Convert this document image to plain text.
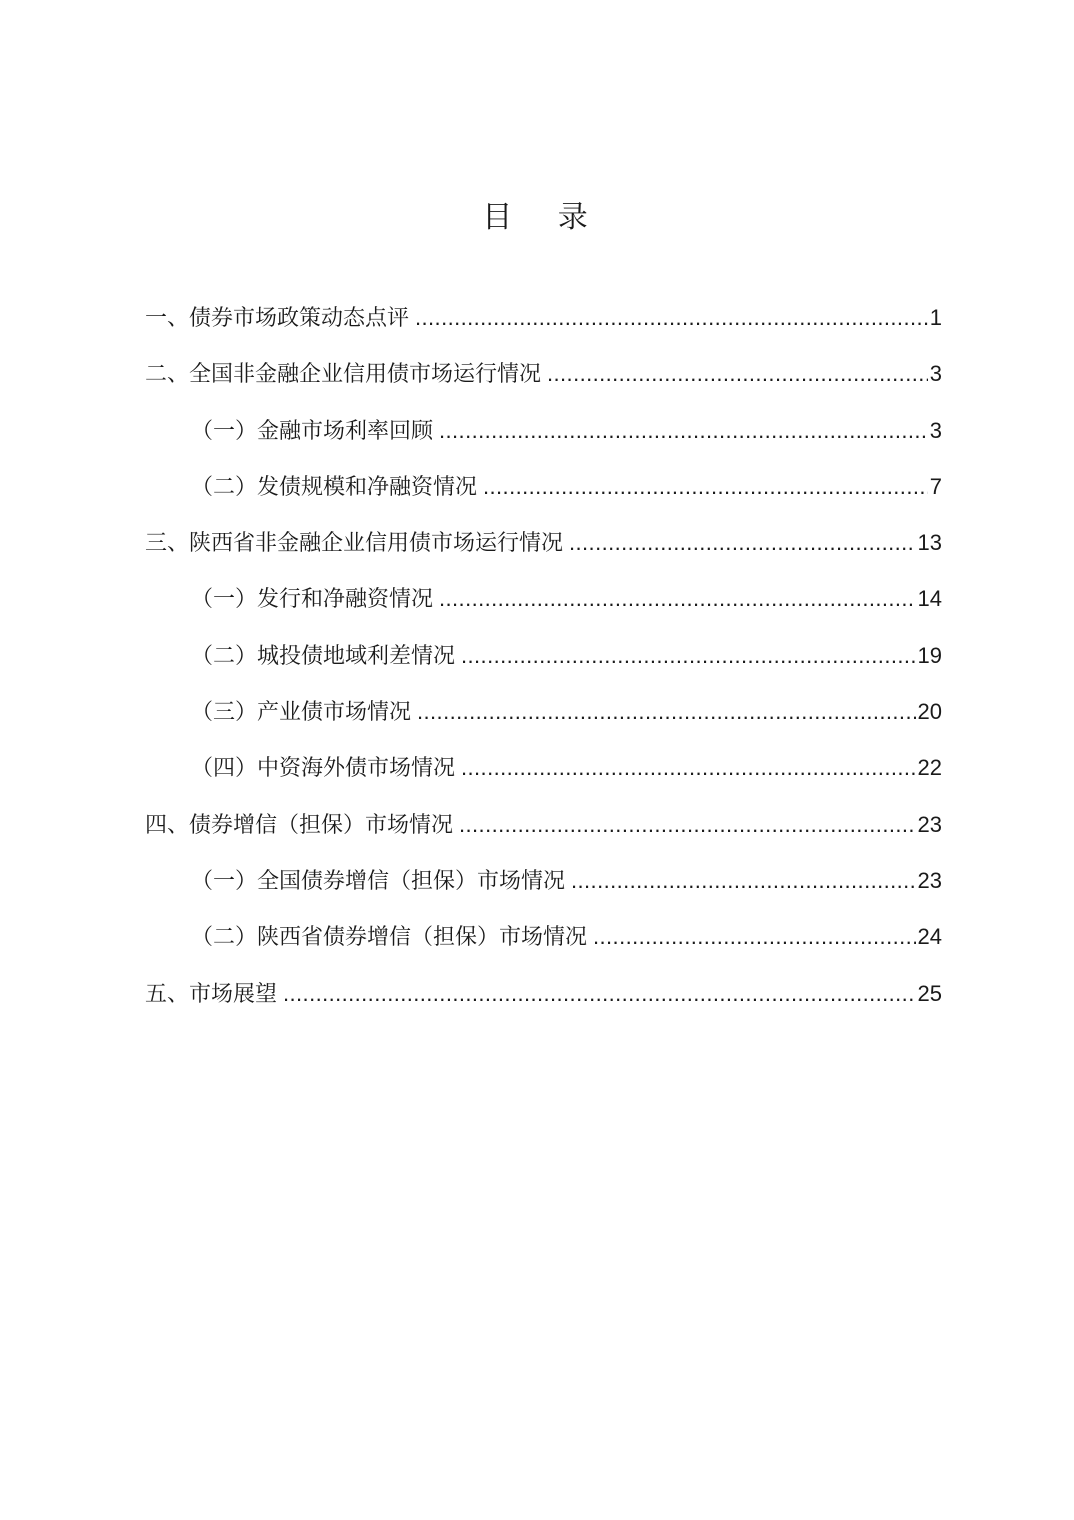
目 录
一、债券市场政策动态点评 .....	1
二、全国非金融企业信用债市场运行情况 .....	3
（一）金融市场利率回顾 .....	3
（二）发债规模和净融资情况 .....	7
三、陕西省非金融企业信用债市场运行情况 .....	13
（一）发行和净融资情况 .....	14
（二）城投债地域利差情况 .....	19
（三）产业债市场情况 .....	20
（四）中资海外债市场情况 .....	22
四、债券增信（担保）市场情况 .....	23
（一）全国债券增信（担保）市场情况 .....	23
（二）陕西省债券增信（担保）市场情况 .....	24
五、市场展望 .....	25
